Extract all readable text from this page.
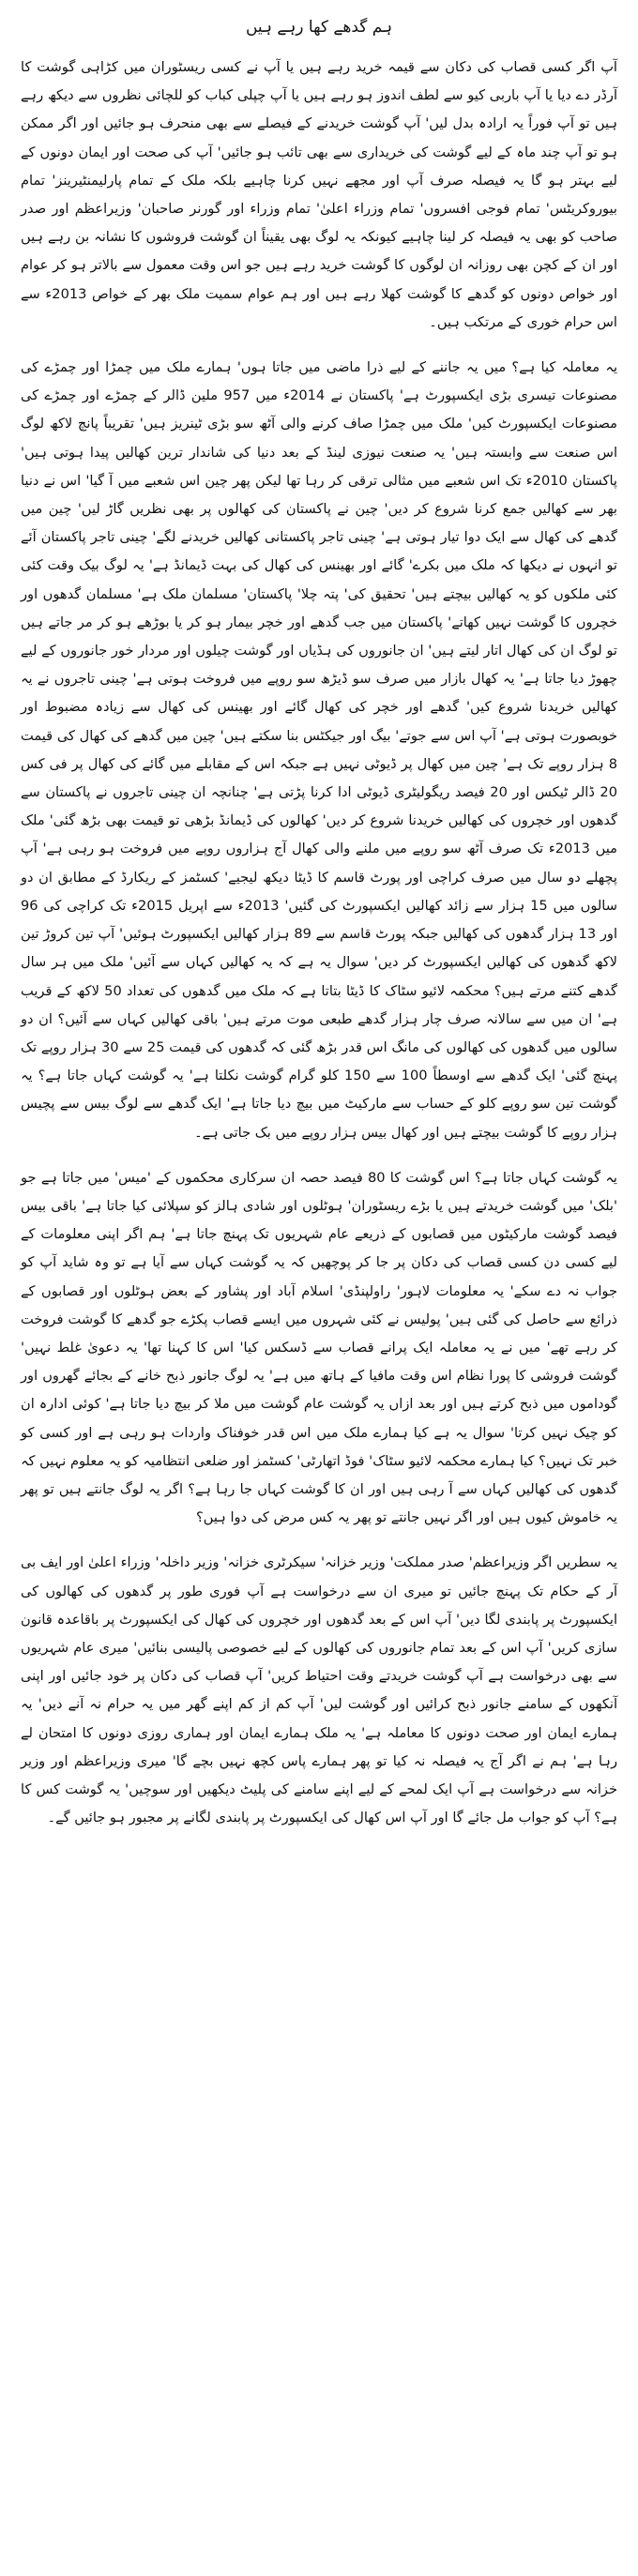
ہم گدھے کھا رہے ہیں

آپ اگر کسی قصاب کی دکان سے قیمہ خرید رہے ہیں یا آپ نے کسی ریسٹوران میں کڑاہی گوشت کا آرڈر دے دیا یا آپ باربی کیو سے لطف اندوز ہو رہے ہیں یا آپ چپلی کباب کو للچائی نظروں سے دیکھ رہے ہیں تو آپ فوراً یہ ارادہ بدل لیں' آپ گوشت خریدنے کے فیصلے سے بھی منحرف ہو جائیں اور اگر ممکن ہو تو آپ چند ماہ کے لیے گوشت کی خریداری سے بھی تائب ہو جائیں' آپ کی صحت اور ایمان دونوں کے لیے بہتر ہو گا یہ فیصلہ صرف آپ اور مجھے نہیں کرنا چاہیے بلکہ ملک کے تمام پارلیمنٹیرینز' تمام بیوروکریٹس' تمام فوجی افسروں' تمام وزراء اعلیٰ' تمام وزراء اور گورنر صاحبان' وزیراعظم اور صدر صاحب کو بھی یہ فیصلہ کر لینا چاہیے کیونکہ یہ لوگ بھی یقیناً ان گوشت فروشوں کا نشانہ بن رہے ہیں اور ان کے کچن بھی روزانہ ان لوگوں کا گوشت خرید رہے ہیں جو اس وقت معمول سے بالاتر ہو کر عوام اور خواص دونوں کو گدھے کا گوشت کھلا رہے ہیں اور ہم عوام سمیت ملک بھر کے خواص 2013ء سے اس حرام خوری کے مرتکب ہیں۔

یہ معاملہ کیا ہے؟ میں یہ جاننے کے لیے ذرا ماضی میں جاتا ہوں' ہمارے ملک میں چمڑا اور چمڑے کی مصنوعات تیسری بڑی ایکسپورٹ ہے' پاکستان نے 2014ء میں 957 ملین ڈالر کے چمڑے اور چمڑے کی مصنوعات ایکسپورٹ کیں' ملک میں چمڑا صاف کرنے والی آٹھ سو بڑی ٹینریز ہیں' تقریباً پانچ لاکھ لوگ اس صنعت سے وابستہ ہیں' یہ صنعت نیوزی لینڈ کے بعد دنیا کی شاندار ترین کھالیں پیدا ہوتی ہیں' پاکستان 2010ء تک اس شعبے میں مثالی ترقی کر رہا تھا لیکن پھر چین اس شعبے میں آ گیا' اس نے دنیا بھر سے کھالیں جمع کرنا شروع کر دیں' چین نے پاکستان کی کھالوں پر بھی نظریں گاڑ لیں' چین میں گدھے کی کھال سے ایک دوا تیار ہوتی ہے' چینی تاجر پاکستانی کھالیں خریدنے لگے' چینی تاجر پاکستان آئے تو انہوں نے دیکھا کہ ملک میں بکرے' گائے اور بھینس کی کھال کی بہت ڈیمانڈ ہے' یہ لوگ بیک وقت کئی کئی ملکوں کو یہ کھالیں بیچتے ہیں' تحقیق کی' پتہ چلا' پاکستان' مسلمان ملک ہے' مسلمان گدھوں اور خچروں کا گوشت نہیں کھاتے' پاکستان میں جب گدھے اور خچر بیمار ہو کر یا بوڑھے ہو کر مر جاتے ہیں تو لوگ ان کی کھال اتار لیتے ہیں' ان جانوروں کی ہڈیاں اور گوشت چیلوں اور مردار خور جانوروں کے لیے چھوڑ دیا جاتا ہے' یہ کھال بازار میں صرف سو ڈیڑھ سو روپے میں فروخت ہوتی ہے' چینی تاجروں نے یہ کھالیں خریدنا شروع کیں' گدھے اور خچر کی کھال گائے اور بھینس کی کھال سے زیادہ مضبوط اور خوبصورت ہوتی ہے' آپ اس سے جوتے' بیگ اور جیکٹس بنا سکتے ہیں' چین میں گدھے کی کھال کی قیمت 8 ہزار روپے تک ہے' چین میں کھال پر ڈیوٹی نہیں ہے جبکہ اس کے مقابلے میں گائے کی کھال پر فی کس 20 ڈالر ٹیکس اور 20 فیصد ریگولیٹری ڈیوٹی ادا کرنا پڑتی ہے' چنانچہ ان چینی تاجروں نے پاکستان سے گدھوں اور خچروں کی کھالیں خریدنا شروع کر دیں' کھالوں کی ڈیمانڈ بڑھی تو قیمت بھی بڑھ گئی' ملک میں 2013ء تک صرف آٹھ سو روپے میں ملنے والی کھال آج ہزاروں روپے میں فروخت ہو رہی ہے' آپ پچھلے دو سال میں صرف کراچی اور پورٹ قاسم کا ڈیٹا دیکھ لیجیے' کسٹمز کے ریکارڈ کے مطابق ان دو سالوں میں 15 ہزار سے زائد کھالیں ایکسپورٹ کی گئیں' 2013ء سے اپریل 2015ء تک کراچی کی 96 اور 13 ہزار گدھوں کی کھالیں جبکہ پورٹ قاسم سے 89 ہزار کھالیں ایکسپورٹ ہوئیں' آپ تین کروڑ تین لاکھ گدھوں کی کھالیں ایکسپورٹ کر دیں' سوال یہ ہے کہ یہ کھالیں کہاں سے آئیں' ملک میں ہر سال گدھے کتنے مرتے ہیں؟ محکمہ لائیو سٹاک کا ڈیٹا بتاتا ہے کہ ملک میں گدھوں کی تعداد 50 لاکھ کے قریب ہے' ان میں سے سالانہ صرف چار ہزار گدھے طبعی موت مرتے ہیں' باقی کھالیں کہاں سے آئیں؟ ان دو سالوں میں گدھوں کی کھالوں کی مانگ اس قدر بڑھ گئی کہ گدھوں کی قیمت 25 سے 30 ہزار روپے تک پہنچ گئی' ایک گدھے سے اوسطاً 100 سے 150 کلو گرام گوشت نکلتا ہے' یہ گوشت کہاں جاتا ہے؟ یہ گوشت تین سو روپے کلو کے حساب سے مارکیٹ میں بیچ دیا جاتا ہے' ایک گدھے سے لوگ بیس سے پچیس ہزار روپے کا گوشت بیچتے ہیں اور کھال بیس ہزار روپے میں بک جاتی ہے۔

یہ گوشت کہاں جاتا ہے؟ اس گوشت کا 80 فیصد حصہ ان سرکاری محکموں کے 'میس' میں جاتا ہے جو 'بلک' میں گوشت خریدتے ہیں یا بڑے ریسٹوران' ہوٹلوں اور شادی ہالز کو سپلائی کیا جاتا ہے' باقی بیس فیصد گوشت مارکیٹوں میں قصابوں کے ذریعے عام شہریوں تک پہنچ جاتا ہے' ہم اگر اپنی معلومات کے لیے کسی دن کسی قصاب کی دکان پر جا کر پوچھیں کہ یہ گوشت کہاں سے آیا ہے تو وہ شاید آپ کو جواب نہ دے سکے' یہ معلومات لاہور' راولپنڈی' اسلام آباد اور پشاور کے بعض ہوٹلوں اور قصابوں کے ذرائع سے حاصل کی گئی ہیں' پولیس نے کئی شہروں میں ایسے قصاب پکڑے جو گدھے کا گوشت فروخت کر رہے تھے' میں نے یہ معاملہ ایک پرانے قصاب سے ڈسکس کیا' اس کا کہنا تھا' یہ دعویٰ غلط نہیں' گوشت فروشی کا پورا نظام اس وقت مافیا کے ہاتھ میں ہے' یہ لوگ جانور ذبح خانے کے بجائے گھروں اور گوداموں میں ذبح کرتے ہیں اور بعد ازاں یہ گوشت عام گوشت میں ملا کر بیچ دیا جاتا ہے' کوئی ادارہ ان کو چیک نہیں کرتا' سوال یہ ہے کیا ہمارے ملک میں اس قدر خوفناک واردات ہو رہی ہے اور کسی کو خبر تک نہیں؟ کیا ہمارے محکمہ لائیو سٹاک' فوڈ اتھارٹی' کسٹمز اور ضلعی انتظامیہ کو یہ معلوم نہیں کہ گدھوں کی کھالیں کہاں سے آ رہی ہیں اور ان کا گوشت کہاں جا رہا ہے؟ اگر یہ لوگ جانتے ہیں تو پھر یہ خاموش کیوں ہیں اور اگر نہیں جانتے تو پھر یہ کس مرض کی دوا ہیں؟

یہ سطریں اگر وزیراعظم' صدر مملکت' وزیر خزانہ' سیکرٹری خزانہ' وزیر داخلہ' وزراء اعلیٰ اور ایف بی آر کے حکام تک پہنچ جائیں تو میری ان سے درخواست ہے آپ فوری طور پر گدھوں کی کھالوں کی ایکسپورٹ پر پابندی لگا دیں' آپ اس کے بعد گدھوں اور خچروں کی کھال کی ایکسپورٹ پر باقاعدہ قانون سازی کریں' آپ اس کے بعد تمام جانوروں کی کھالوں کے لیے خصوصی پالیسی بنائیں' میری عام شہریوں سے بھی درخواست ہے آپ گوشت خریدتے وقت احتیاط کریں' آپ قصاب کی دکان پر خود جائیں اور اپنی آنکھوں کے سامنے جانور ذبح کرائیں اور گوشت لیں' آپ کم از کم اپنے گھر میں یہ حرام نہ آنے دیں' یہ ہمارے ایمان اور صحت دونوں کا معاملہ ہے' یہ ملک ہمارے ایمان اور ہماری روزی دونوں کا امتحان لے رہا ہے' ہم نے اگر آج یہ فیصلہ نہ کیا تو پھر ہمارے پاس کچھ نہیں بچے گا' میری وزیراعظم اور وزیر خزانہ سے درخواست ہے آپ ایک لمحے کے لیے اپنے سامنے کی پلیٹ دیکھیں اور سوچیں' یہ گوشت کس کا ہے؟ آپ کو جواب مل جائے گا اور آپ اس کھال کی ایکسپورٹ پر پابندی لگانے پر مجبور ہو جائیں گے۔
